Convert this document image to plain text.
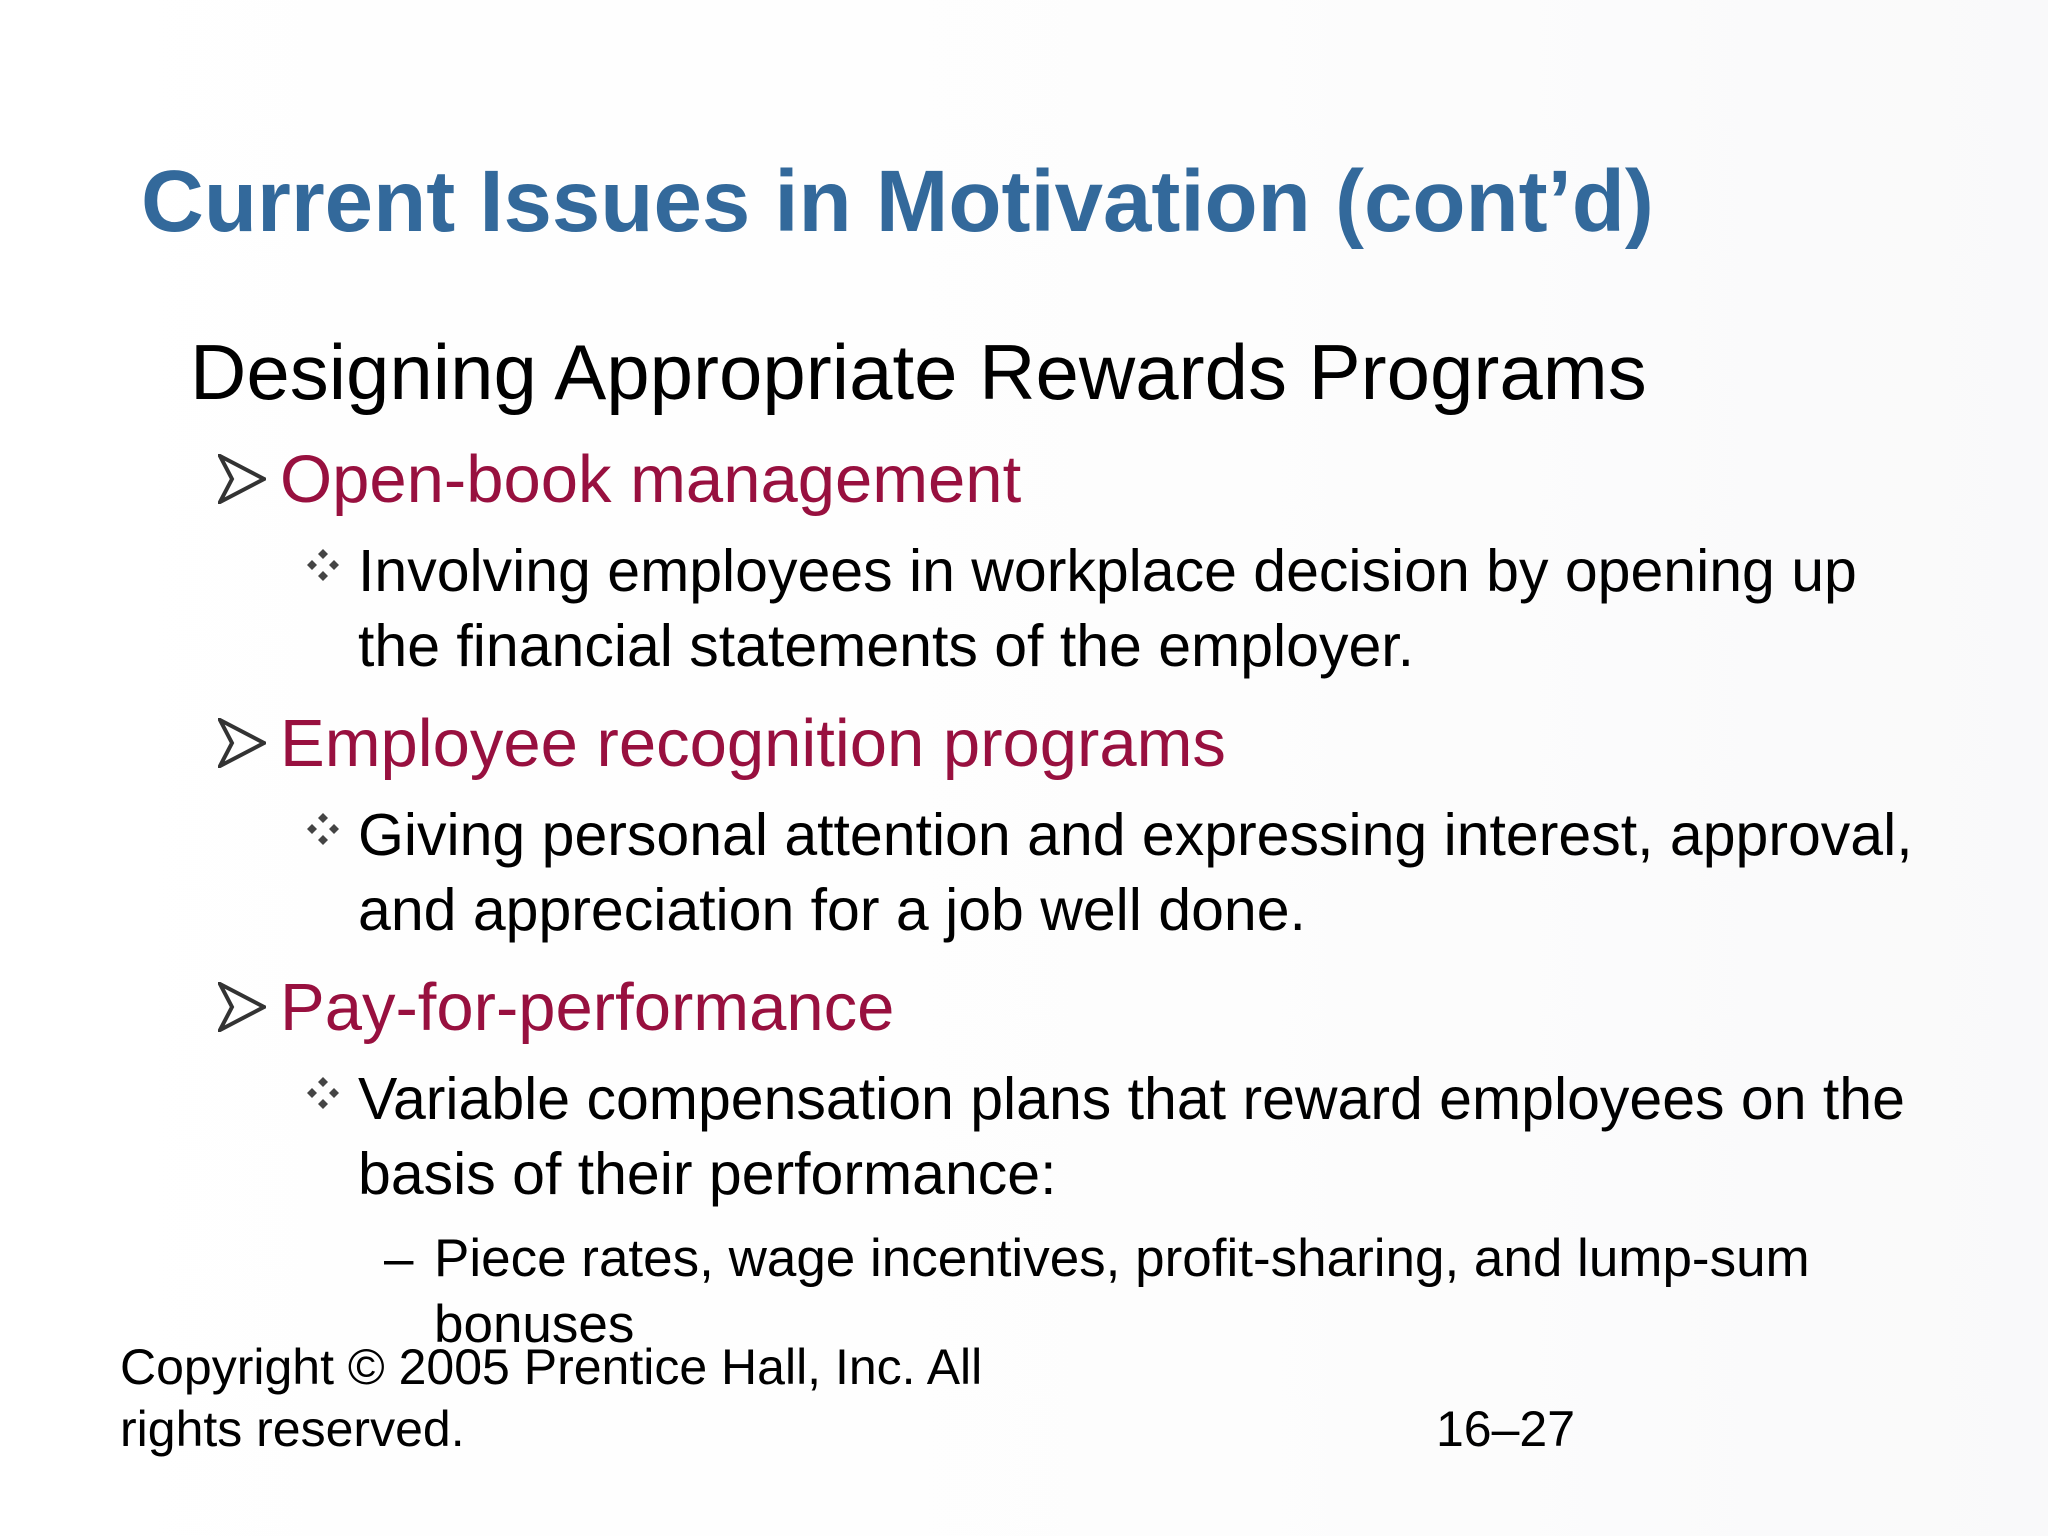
Current Issues in Motivation (cont’d)
Designing Appropriate Rewards Programs
Open-book management
Involving employees in workplace decision by opening up the financial statements of the employer.
Employee recognition programs
Giving personal attention and expressing interest, approval, and appreciation for a job well done.
Pay-for-performance
Variable compensation plans that reward employees on the basis of their performance:
– Piece rates, wage incentives, profit-sharing, and lump-sum bonuses
Copyright © 2005 Prentice Hall, Inc. All rights reserved.	16–27
